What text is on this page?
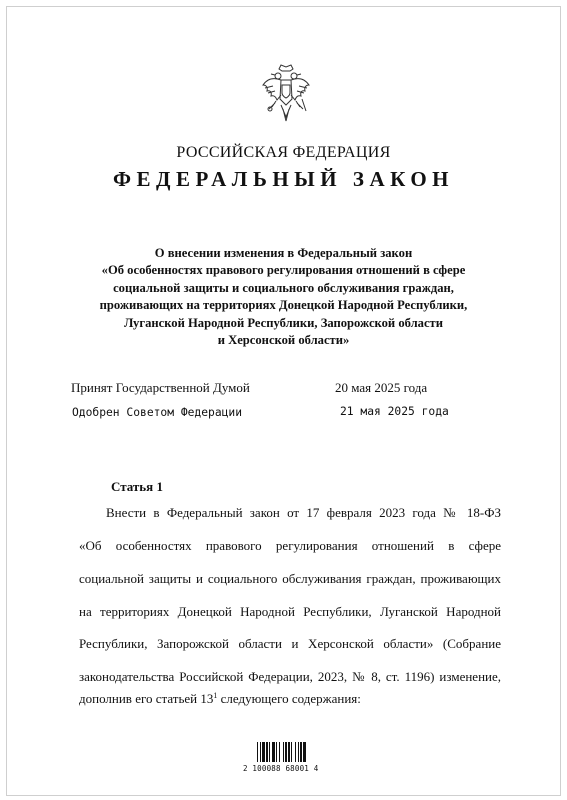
РОССИЙСКАЯ ФЕДЕРАЦИЯ
ФЕДЕРАЛЬНЫЙ ЗАКОН
О внесении изменения в Федеральный закон
«Об особенностях правового регулирования отношений в сфере
социальной защиты и социального обслуживания граждан,
проживающих на территориях Донецкой Народной Республики,
Луганской Народной Республики, Запорожской области
и Херсонской области»
Принят Государственной Думой	20 мая 2025 года
Одобрен Советом Федерации	21 мая 2025 года
Статья 1
Внести в Федеральный закон от 17 февраля 2023 года № 18-ФЗ
«Об особенностях правового регулирования отношений в сфере
социальной защиты и социального обслуживания граждан, проживающих
на территориях Донецкой Народной Республики, Луганской Народной
Республики, Запорожской области и Херсонской области» (Собрание
законодательства Российской Федерации, 2023, № 8, ст. 1196) изменение,
дополнив его статьей $13^1$ следующего содержания:
2 100088 68001 4
